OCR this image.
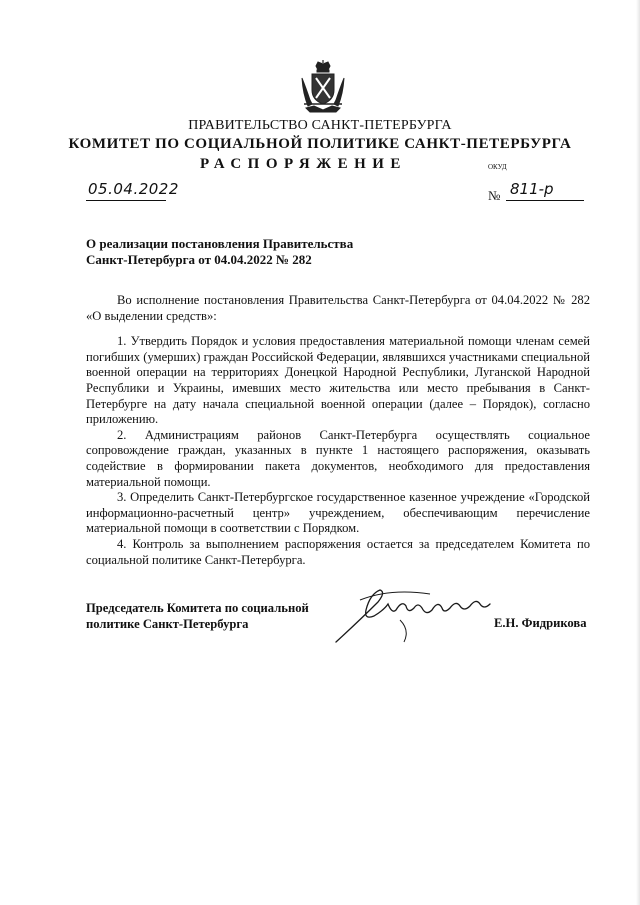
ПРАВИТЕЛЬСТВО САНКТ-ПЕТЕРБУРГА
КОМИТЕТ ПО СОЦИАЛЬНОЙ ПОЛИТИКЕ САНКТ-ПЕТЕРБУРГА
РАСПОРЯЖЕНИЕ	ОКУД
05.04.2022	№ 811-р
О реализации постановления Правительства
Санкт-Петербурга от 04.04.2022 № 282

Во исполнение постановления Правительства Санкт-Петербурга от 04.04.2022 № 282 «О выделении средств»:

1. Утвердить Порядок и условия предоставления материальной помощи членам семей погибших (умерших) граждан Российской Федерации, являвшихся участниками специальной военной операции на территориях Донецкой Народной Республики, Луганской Народной Республики и Украины, имевших место жительства или место пребывания в Санкт-Петербурге на дату начала специальной военной операции (далее – Порядок), согласно приложению.

2. Администрациям районов Санкт-Петербурга осуществлять социальное сопровождение граждан, указанных в пункте 1 настоящего распоряжения, оказывать содействие в формировании пакета документов, необходимого для предоставления материальной помощи.

3. Определить Санкт-Петербургское государственное казенное учреждение «Городской информационно-расчетный центр» учреждением, обеспечивающим перечисление материальной помощи в соответствии с Порядком.

4. Контроль за выполнением распоряжения остается за председателем Комитета по социальной политике Санкт-Петербурга.

Председатель Комитета по социальной
политике Санкт-Петербурга	Е.Н. Фидрикова
